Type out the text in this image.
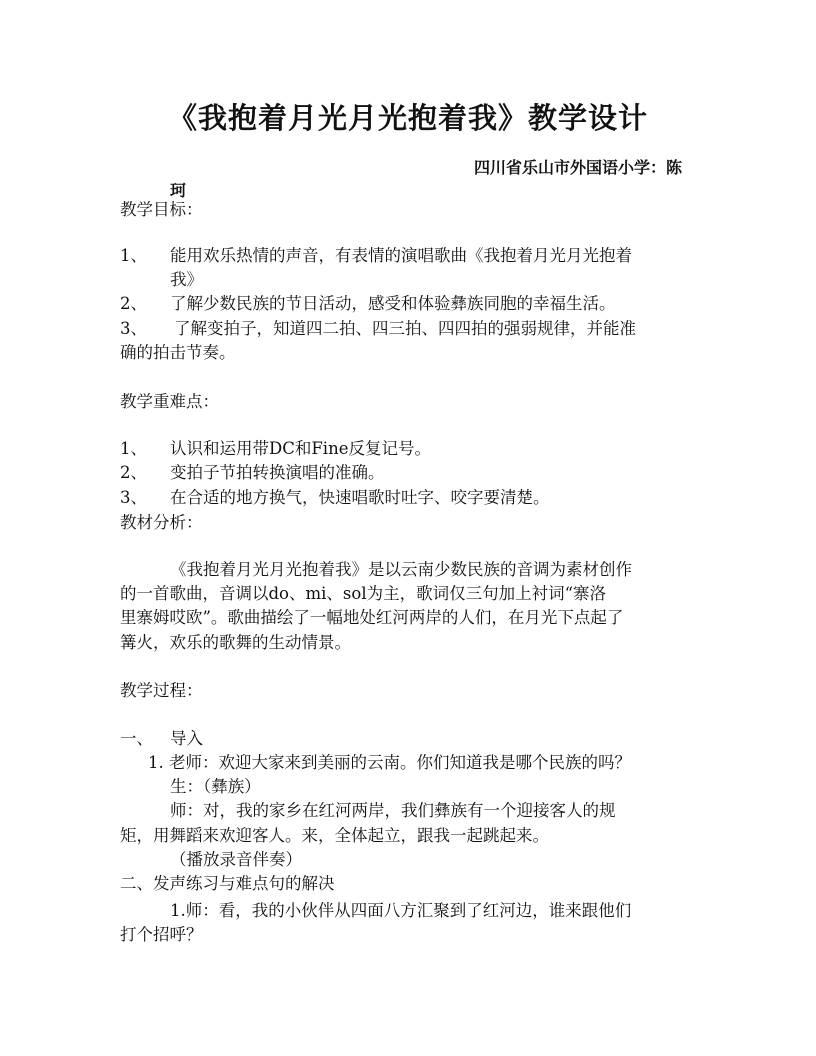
《我抱着月光月光抱着我》教学设计
四川省乐山市外国语小学：陈
珂
教学目标：
1、 能用欢乐热情的声音，有表情的演唱歌曲《我抱着月光月光抱着
我》
2、 了解少数民族的节日活动，感受和体验彝族同胞的幸福生活。
3、 了解变拍子，知道四二拍、四三拍、四四拍的强弱规律，并能准
确的拍击节奏。
教学重难点：
1、 认识和运用带DC和Fine反复记号。
2、 变拍子节拍转换演唱的准确。
3、 在合适的地方换气，快速唱歌时吐字、咬字要清楚。
教材分析：
《我抱着月光月光抱着我》是以云南少数民族的音调为素材创作
的一首歌曲，音调以do、mi、sol为主，歌词仅三句加上衬词“寨洛
里寨姆哎欧”。歌曲描绘了一幅地处红河两岸的人们，在月光下点起了
篝火，欢乐的歌舞的生动情景。
教学过程：
一、 导入
1. 老师：欢迎大家来到美丽的云南。你们知道我是哪个民族的吗？
生：（彝族）
师：对，我的家乡在红河两岸，我们彝族有一个迎接客人的规
矩，用舞蹈来欢迎客人。来，全体起立，跟我一起跳起来。
（播放录音伴奏）
二、发声练习与难点句的解决
1.师：看，我的小伙伴从四面八方汇聚到了红河边，谁来跟他们
打个招呼？
